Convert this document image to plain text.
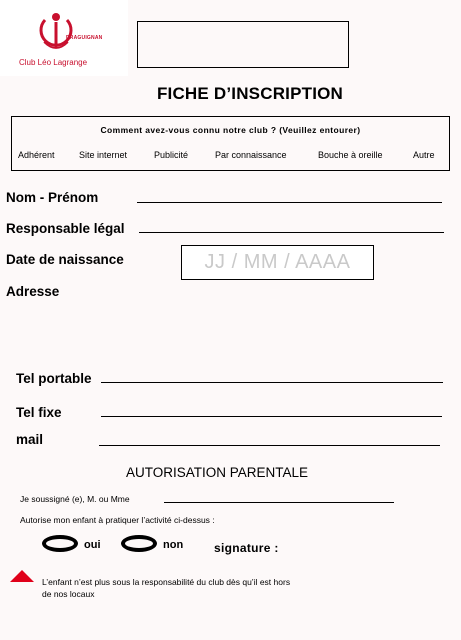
DRAGUIGNAN
Club Léo Lagrange
FICHE D’INSCRIPTION
Comment avez-vous connu notre club ? (Veuillez entourer)
Adhérent	Site internet	Publicité	Par connaissance	Bouche à oreille	Autre
Nom - Prénom
Responsable légal
Date de naissance	JJ / MM / AAAA
Adresse
Tel portable
Tel fixe
mail
AUTORISATION PARENTALE
Je soussigné (e), M. ou Mme
Autorise mon enfant à pratiquer l’activité ci-dessus :
oui	non	signature :
L’enfant n’est plus sous la responsabilité du club dès qu’il est hors
de nos locaux
